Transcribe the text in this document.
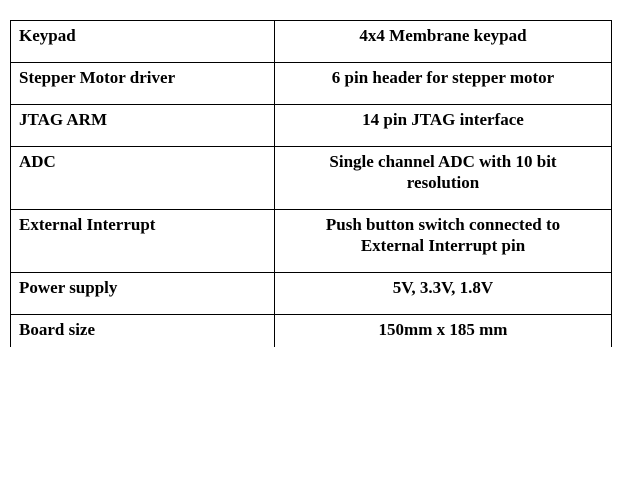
Keypad	4x4 Membrane keypad
Stepper Motor driver	6 pin header for stepper motor
JTAG ARM	14 pin JTAG interface
ADC	Single channel ADC with 10 bit resolution
External Interrupt	Push button switch connected to External Interrupt pin
Power supply	5V, 3.3V, 1.8V
Board size	150mm x 185 mm
